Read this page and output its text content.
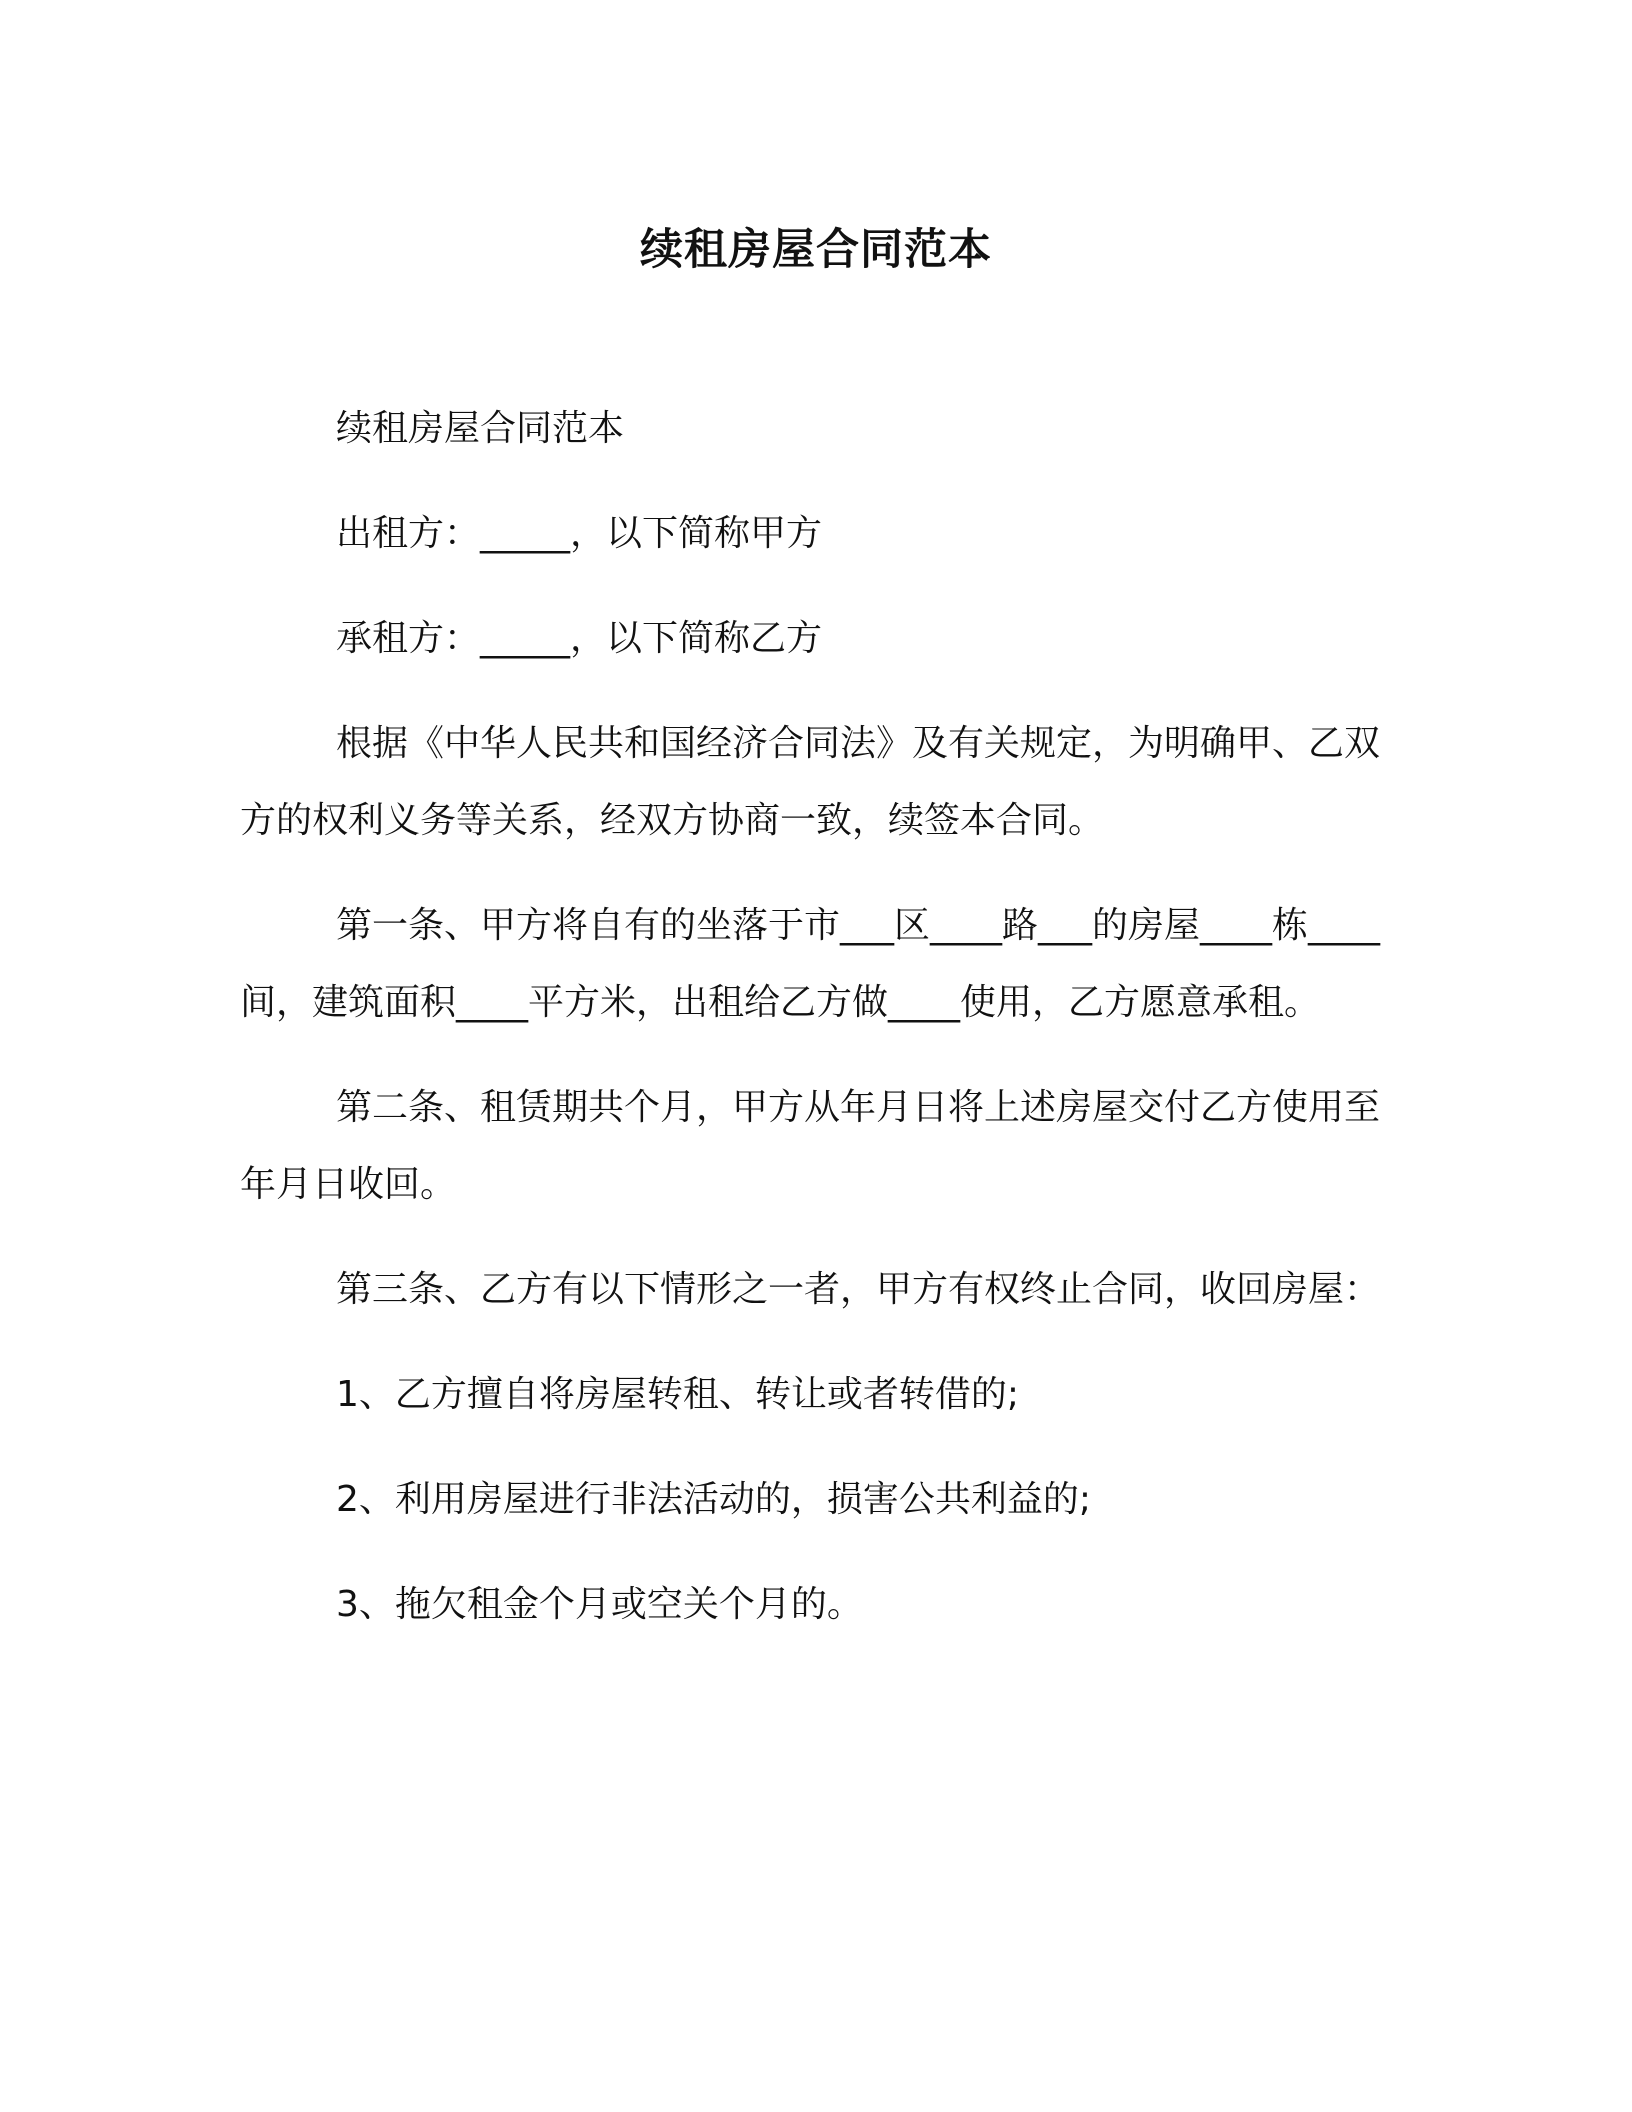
续租房屋合同范本

续租房屋合同范本

出租方：_____，以下简称甲方

承租方：_____，以下简称乙方

根据《中华人民共和国经济合同法》及有关规定，为明确甲、乙双方的权利义务等关系，经双方协商一致，续签本合同。

第一条、甲方将自有的坐落于市___区____路___的房屋____栋____间，建筑面积____平方米，出租给乙方做____使用，乙方愿意承租。

第二条、租赁期共个月，甲方从年月日将上述房屋交付乙方使用至年月日收回。

第三条、乙方有以下情形之一者，甲方有权终止合同，收回房屋：

1、乙方擅自将房屋转租、转让或者转借的;

2、利用房屋进行非法活动的，损害公共利益的;

3、拖欠租金个月或空关个月的。
